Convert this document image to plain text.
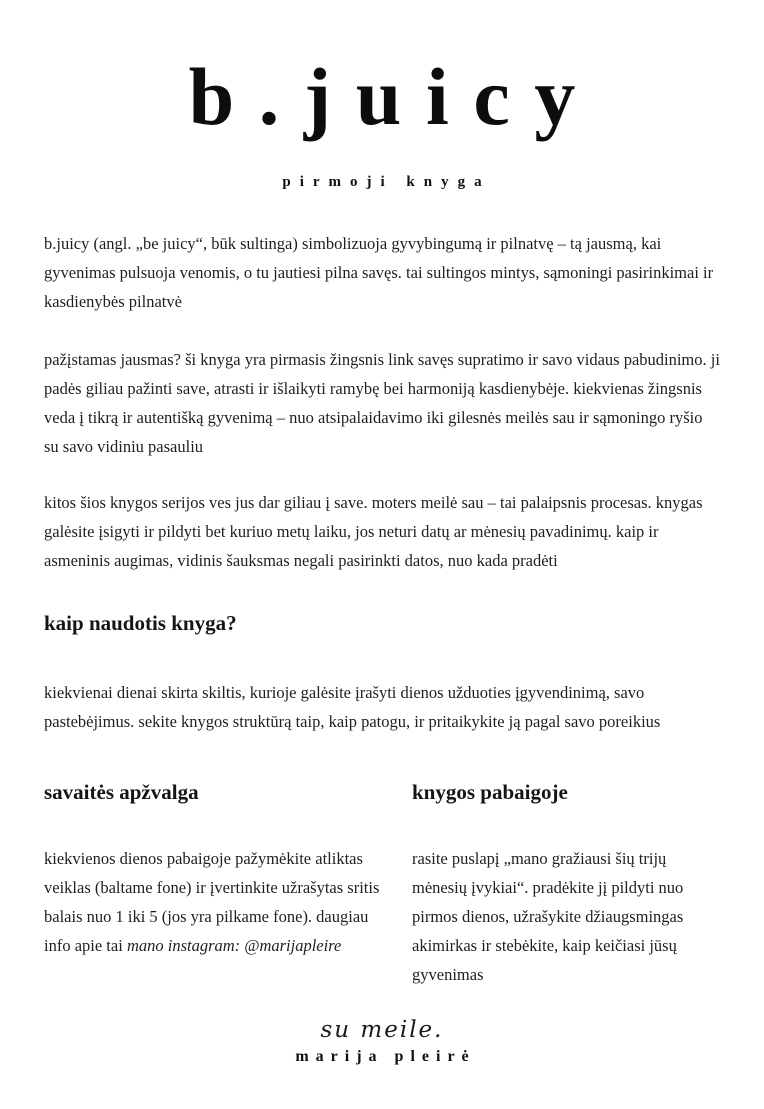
b.juicy
pirmoji knyga

b.juicy (angl. „be juicy“, būk sultinga) simbolizuoja gyvybingumą ir pilnatvę – tą jausmą, kai gyvenimas pulsuoja venomis, o tu jautiesi pilna savęs. tai sultingos mintys, sąmoningi pasirinkimai ir kasdienybės pilnatvė

pažįstamas jausmas? ši knyga yra pirmasis žingsnis link savęs supratimo ir savo vidaus pabudinimo. ji padės giliau pažinti save, atrasti ir išlaikyti ramybę bei harmoniją kasdienybėje. kiekvienas žingsnis veda į tikrą ir autentišką gyvenimą – nuo atsipalaidavimo iki gilesnės meilės sau ir sąmoningo ryšio su savo vidiniu pasauliu

kitos šios knygos serijos ves jus dar giliau į save. moters meilė sau – tai palaipsnis procesas. knygas galėsite įsigyti ir pildyti bet kuriuo metų laiku, jos neturi datų ar mėnesių pavadinimų. kaip ir asmeninis augimas, vidinis šauksmas negali pasirinkti datos, nuo kada pradėti

kaip naudotis knyga?

kiekvienai dienai skirta skiltis, kurioje galėsite įrašyti dienos užduoties įgyvendinimą, savo pastebėjimus. sekite knygos struktūrą taip, kaip patogu, ir pritaikykite ją pagal savo poreikius

savaitės apžvalga

kiekvienos dienos pabaigoje pažymėkite atliktas veiklas (baltame fone) ir įvertinkite užrašytas sritis balais nuo 1 iki 5 (jos yra pilkame fone). daugiau info apie tai mano instagram: @marijapleire

knygos pabaigoje

rasite puslapį „mano gražiausi šių trijų mėnesių įvykiai“. pradėkite jį pildyti nuo pirmos dienos, užrašykite džiaugsmingas akimirkas ir stebėkite, kaip keičiasi jūsų gyvenimas

su meile.
marija pleirė
